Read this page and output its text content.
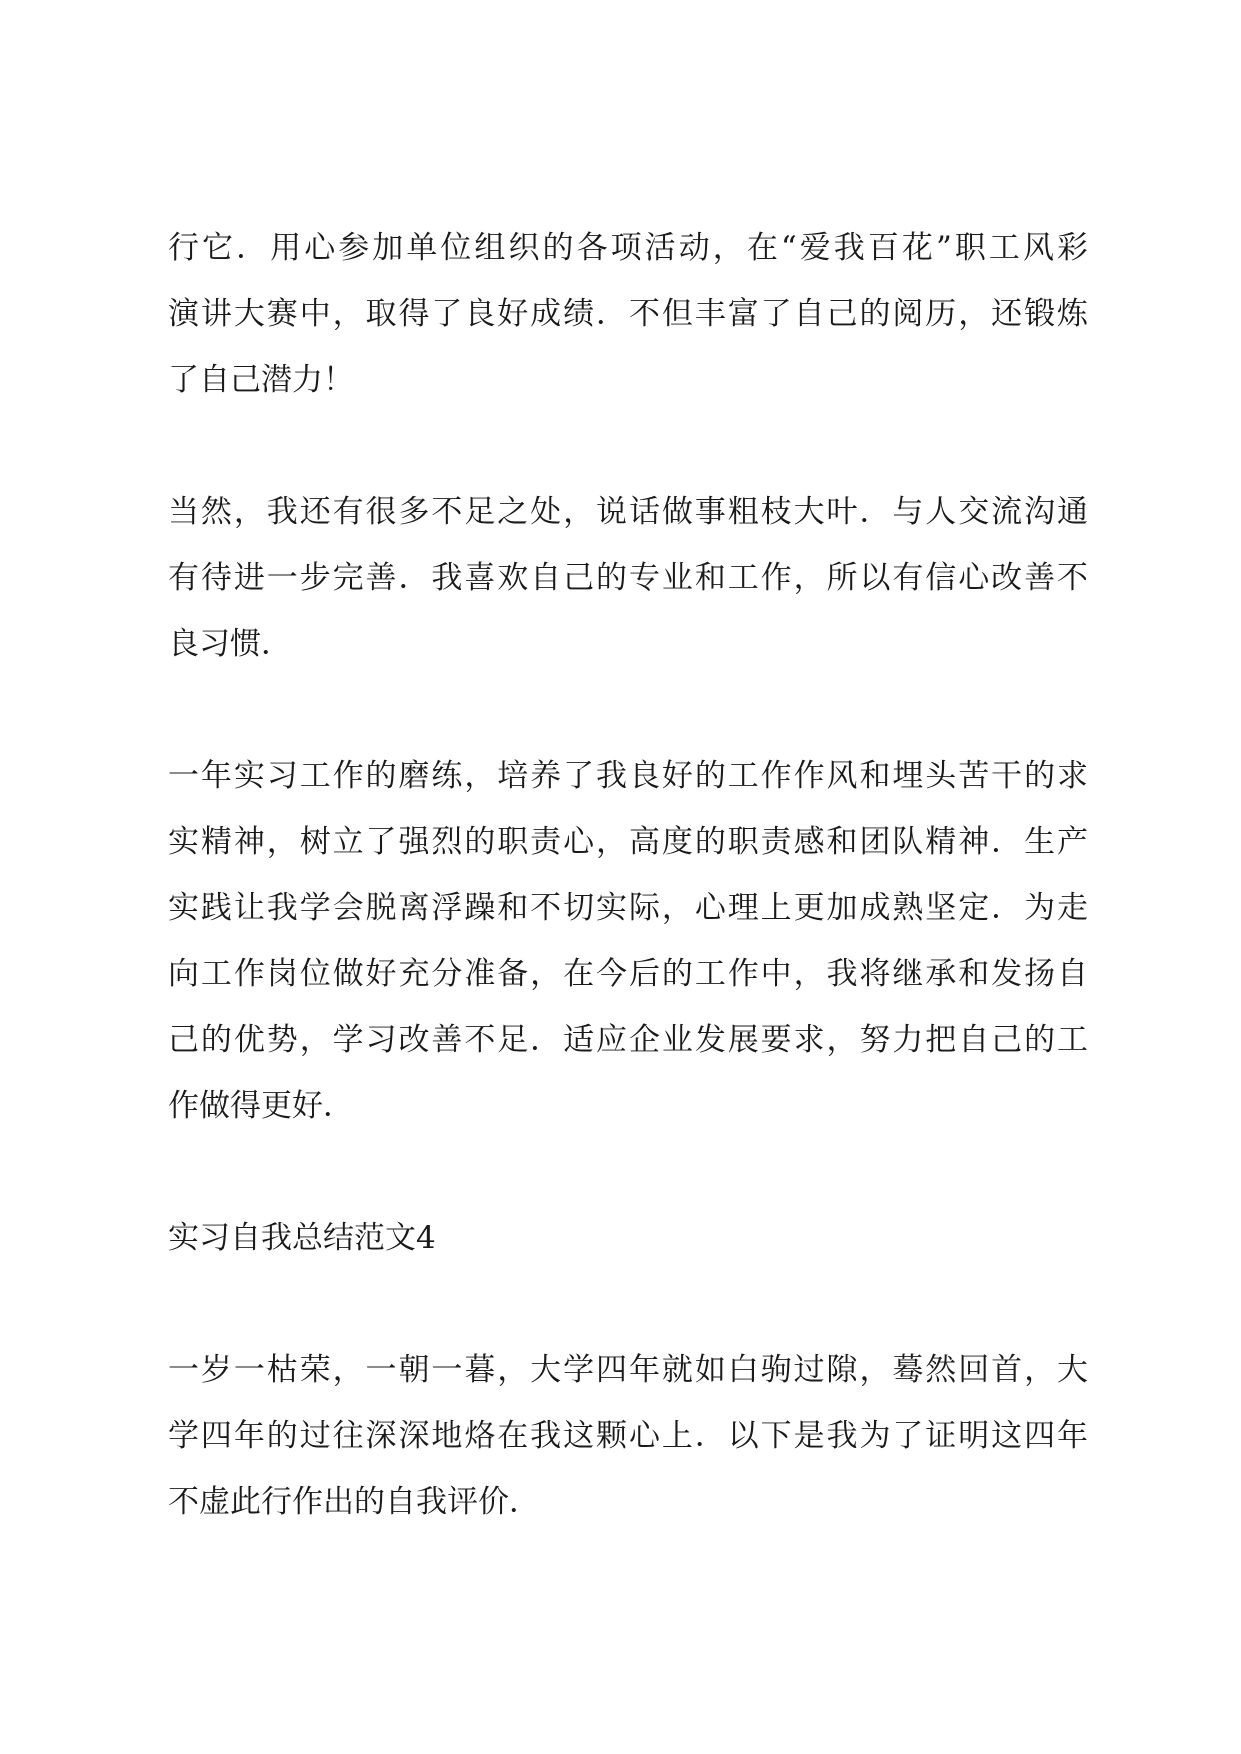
行它．用心参加单位组织的各项活动，在“爱我百花”职工风彩
演讲大赛中，取得了良好成绩．不但丰富了自己的阅历，还锻炼
了自己潜力！
当然，我还有很多不足之处，说话做事粗枝大叶．与人交流沟通
有待进一步完善．我喜欢自己的专业和工作，所以有信心改善不
良习惯．
一年实习工作的磨练，培养了我良好的工作作风和埋头苦干的求
实精神，树立了强烈的职责心，高度的职责感和团队精神．生产
实践让我学会脱离浮躁和不切实际，心理上更加成熟坚定．为走
向工作岗位做好充分准备，在今后的工作中，我将继承和发扬自
己的优势，学习改善不足．适应企业发展要求，努力把自己的工
作做得更好．
实习自我总结范文4
一岁一枯荣，一朝一暮，大学四年就如白驹过隙，蓦然回首，大
学四年的过往深深地烙在我这颗心上．以下是我为了证明这四年
不虚此行作出的自我评价．
